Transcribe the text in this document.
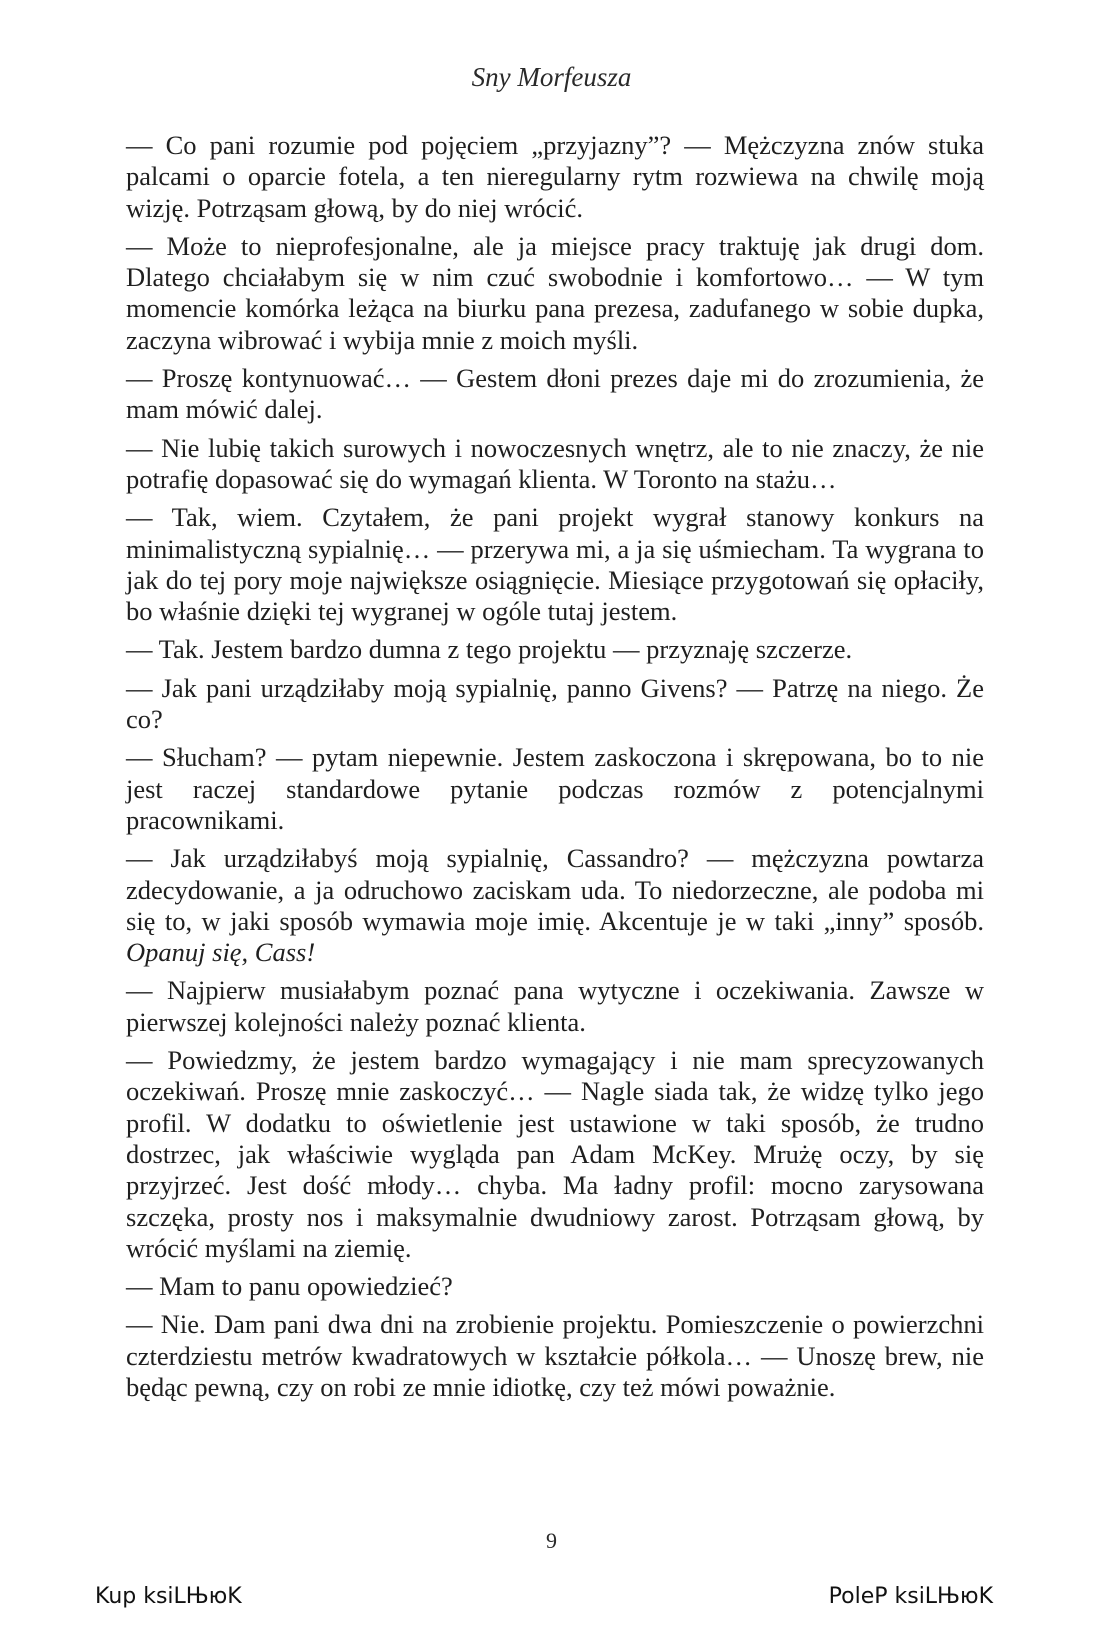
Sny Morfeusza

— Co pani rozumie pod pojęciem „przyjazny”? — Mężczyzna znów stuka palcami o oparcie fotela, a ten nieregularny rytm rozwiewa na chwilę moją wizję. Potrząsam głową, by do niej wrócić.

— Może to nieprofesjonalne, ale ja miejsce pracy traktuję jak drugi dom. Dlatego chciałabym się w nim czuć swobodnie i komfortowo… — W tym momencie komórka leżąca na biurku pana prezesa, zadufanego w sobie dupka, zaczyna wibrować i wybija mnie z moich myśli.

— Proszę kontynuować… — Gestem dłoni prezes daje mi do zrozumienia, że mam mówić dalej.

— Nie lubię takich surowych i nowoczesnych wnętrz, ale to nie znaczy, że nie potrafię dopasować się do wymagań klienta. W Toronto na stażu…

— Tak, wiem. Czytałem, że pani projekt wygrał stanowy konkurs na minimalistyczną sypialnię… — przerywa mi, a ja się uśmiecham. Ta wygrana to jak do tej pory moje największe osiągnięcie. Miesiące przygotowań się opłaciły, bo właśnie dzięki tej wygranej w ogóle tutaj jestem.

— Tak. Jestem bardzo dumna z tego projektu — przyznaję szczerze.

— Jak pani urządziłaby moją sypialnię, panno Givens? — Patrzę na niego. Że co?

— Słucham? — pytam niepewnie. Jestem zaskoczona i skrępowana, bo to nie jest raczej standardowe pytanie podczas rozmów z potencjalnymi pracownikami.

— Jak urządziłabyś moją sypialnię, Cassandro? — mężczyzna powtarza zdecydowanie, a ja odruchowo zaciskam uda. To niedorzeczne, ale podoba mi się to, w jaki sposób wymawia moje imię. Akcentuje je w taki „inny” sposób. Opanuj się, Cass!

— Najpierw musiałabym poznać pana wytyczne i oczekiwania. Zawsze w pierwszej kolejności należy poznać klienta.

— Powiedzmy, że jestem bardzo wymagający i nie mam sprecyzowanych oczekiwań. Proszę mnie zaskoczyć… — Nagle siada tak, że widzę tylko jego profil. W dodatku to oświetlenie jest ustawione w taki sposób, że trudno dostrzec, jak właściwie wygląda pan Adam McKey. Mrużę oczy, by się przyjrzeć. Jest dość młody… chyba. Ma ładny profil: mocno zarysowana szczęka, prosty nos i maksymalnie dwudniowy zarost. Potrząsam głową, by wrócić myślami na ziemię.

— Mam to panu opowiedzieć?

— Nie. Dam pani dwa dni na zrobienie projektu. Pomieszczenie o powierzchni czterdziestu metrów kwadratowych w kształcie półkola… — Unoszę brew, nie będąc pewną, czy on robi ze mnie idiotkę, czy też mówi poważnie.

9
Kup ksiLЊюK	PoleP ksiLЊюK
